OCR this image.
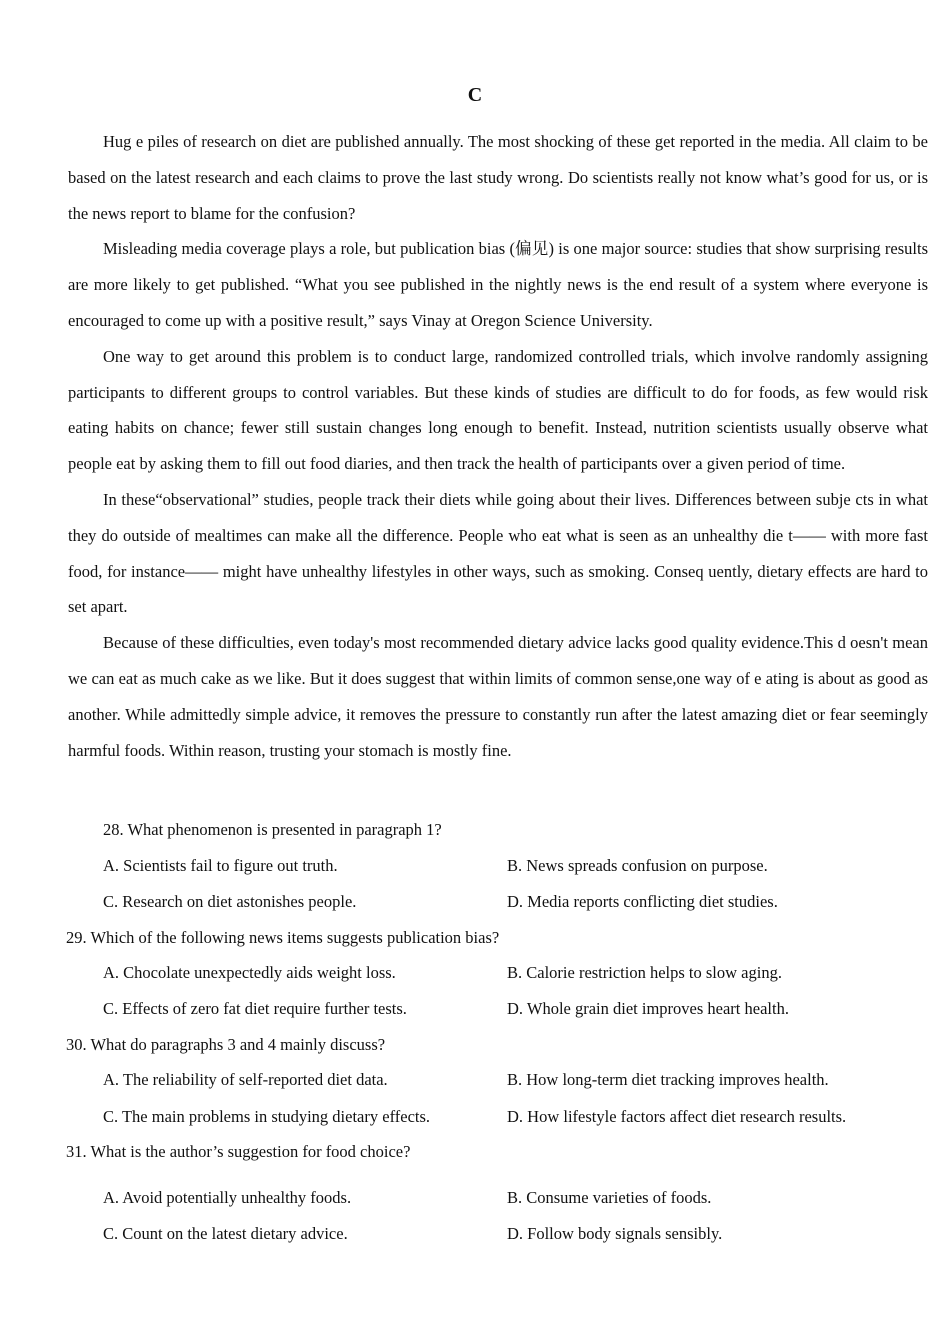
C

Hug e piles of research on diet are published annually. The most shocking of these get reported in the media. All claim to be based on the latest research and each claims to prove the last study wrong. Do scientists really not know what’s good for us, or is the news report to blame for the confusion?

Misleading media coverage plays a role, but publication bias (偏见) is one major source: studies that show surprising results are more likely to get published. “What you see published in the nightly news is the end result of a system where everyone is encouraged to come up with a positive result,” says Vinay at Oregon Science University.

One way to get around this problem is to conduct large, randomized controlled trials, which involve randomly assigning participants to different groups to control variables. But these kinds of studies are difficult to do for foods, as few would risk eating habits on chance; fewer still sustain changes long enough to benefit. Instead, nutrition scientists usually observe what people eat by asking them to fill out food diaries, and then track the health of participants over a given period of time.

In these“observational” studies, people track their diets while going about their lives. Differences between subje cts in what they do outside of mealtimes can make all the difference. People who eat what is seen as an unhealthy die t—— with more fast food, for instance—— might have unhealthy lifestyles in other ways, such as smoking. Conseq uently, dietary effects are hard to set apart.

Because of these difficulties, even today's most recommended dietary advice lacks good quality evidence.This d oesn't mean we can eat as much cake as we like. But it does suggest that within limits of common sense,one way of e ating is about as good as another. While admittedly simple advice, it removes the pressure to constantly run after the latest amazing diet or fear seemingly harmful foods. Within reason, trusting your stomach is mostly fine.

28. What phenomenon is presented in paragraph 1?
A. Scientists fail to figure out truth.	B. News spreads confusion on purpose.
C. Research on diet astonishes people.	D. Media reports conflicting diet studies.
29. Which of the following news items suggests publication bias?
A. Chocolate unexpectedly aids weight loss.	B. Calorie restriction helps to slow aging.
C. Effects of zero fat diet require further tests.	D. Whole grain diet improves heart health.
30. What do paragraphs 3 and 4 mainly discuss?
A. The reliability of self-reported diet data.	B. How long-term diet tracking improves health.
C. The main problems in studying dietary effects.	D. How lifestyle factors affect diet research results.
31. What is the author’s suggestion for food choice?
A. Avoid potentially unhealthy foods.	B. Consume varieties of foods.
C. Count on the latest dietary advice.	D. Follow body signals sensibly.
